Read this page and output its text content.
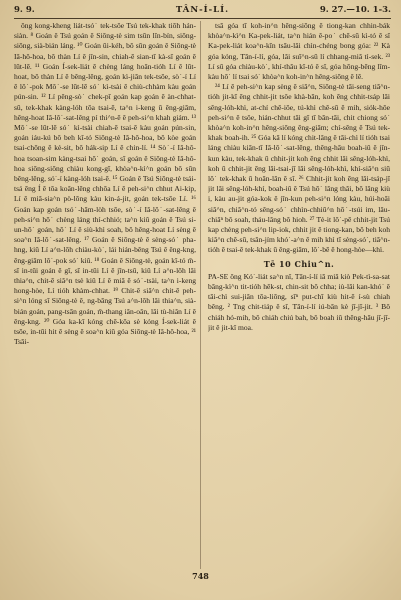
9. 9.	TÂN-Í-LÍ.	9. 27.—10. 1-3.

ông kong-kheng liát-tsó˙ tek-tsôe Tsú tek-khak tiōh hán-siàn. ⁸ Goán ê Tsú goán ê Siōng-tè sim tsūn lîn-bín, siōng-siōng, sià-bián láng. ¹⁰ Goán ūi-kéh, bô sūn goán ê Siōng-tè Iâ-hô-hoa, bô thàn Lí ê jîn-sin, chiah-ē sian-tī kà-sī goán ê lūt-lē. ¹¹ Goán Í-sek-liát ê chèng láng hoān-tióh Lí ê lūt-hoat, bô thàn Lí ê bêng-lêng, goán kì-jiān tek-tsōe, sò˙-í Lí ê lô˙-pok Mô˙-se lūt-lē só˙ kì-tsài ê chiù-chhàm kàu goán pún-sin. ¹² Lí pêng-sò˙ chek-pī goán kap goán ê àn-chhat-sū, tek-khak kàng-lóh tōa tsai-ē, ta^n i-keng ū êng-giām, hêng-hoat Iâ-lô˙-sat-lêng pí thi^n-ē ê peh-si^n khah giám. ¹³ Mô˙-se lūt-lē só˙ kì-tsài chiah-ē tsai-ē kàu goán pún-sin, goán iáu-kú bô beh kî-tó Siōng-tè Iâ-hô-hoa, bô kòe goán tsai-chōng ê kè-sit, bô hák-sip Lí ê chin-lí. ¹⁴ Sò˙-í Iâ-hô-hoa tsoan-sim kàng-tsai hō˙ goán, sī goán ê Siōng-tè Iâ-hô-hoa siōng-siōng chiàu kong-gī, khòa^n-kì^n goán bô sūn bêng-lêng, só˙-í kàng-lóh tsai-ē. ¹⁵ Goán ê Tsú Siōng-tè tsái-tsá ēng Í ê tōa koân-lêng chhōa Lí ê peh-si^n chhut Ai-kip, Lí ê miâ-sia^n pò-lōng kàu kin-á-jit, goán tek-tsōe Lí. ¹⁶ Goán kap goán tsó˙-hām-lòh tsōe, sò˙-í Iâ-lô˙-sat-lêng ê peh-si^n hō˙ chèng láng thí-chhió; ta^n kiû goán ê Tsú si-un-hō˙ goán, hō˙ Lí ê siù-khì soah, bô hêng-hoat Lí sèng ê soa^n Iâ-lô˙-sat-lêng. ¹⁷ Goán ê Siōng-tè ê sèng-só˙ pha-hng, kiû Lí a^n-lōh chiàu-kò˙, lái hián-bêng Tsú ê êng-kng, êng-giām lô˙-pok só˙ kiû. ¹⁸ Goán ê Siōng-tè, goán kî-tó m̄-sī in-tūi goán ê gī, sī in-tūi Lí ê jîn-tsū, kiû Lí a^n-lōh lâi thia^n, chit-ē siâ^n tsè kiû Lí ê miâ ê só˙-tsài, ta^n i-keng hong-hòe, Lí tióh khàm-chhat. ¹⁹ Chit-ē siâ^n chit-ē peh-si^n lóng sī Siōng-tè ê, ng-bāng Tsú a^n-lōh lâi thia^n, sià-bián goán, pang-tsān goán, m̄-thang iân-oân, lâi tù-hiân Lí ê êng-kng. ²⁰ Góa ka-kī kóng chē-kōa sè kóng Í-sek-liát ê tsōe, in-tūi hit ê sèng ê soa^n kiû góa Siōng-tè Iâ-hô-hoa, ²¹ Tsāi-

tsā góa tī koh-in^n hêng-siōng ê tiong-kan chhin-bák khòa^n-kì^n Ka-pek-liát, ta^n hián ê-po˙ chē-sū kì-tó ê sî Ka-pek-liát koa^n-kīn tsāu-lâi chìn-chéng bong góa: ²² Kà góa kóng, Tān-í-lí, góa, lâi suī^n-sū lí chhang-miâ tì-sek. ²³ Lí sū góa chiàu-kò˙, khí-thâu kî-tó ê sî, góa hōng-bēng lîm-kàu hō˙ lí tsai só˙ khòa^n koh-in^n hêng-siōng ê lê.

²⁴ Lí ê peh-si^n kap sèng ê siâ^n, Siōng-tè tāi-seng tiā^n-tióh jit-kī ēng chhit-jit tsôe khà-bān, koh ēng chhit-tsáp lâi sêng-lóh-khì, at-chí chê-iōe, tú-khì chê-sū ê mih, siók-hôe peh-si^n ê tsôe, hián-chhut tāi gī tī bān-tāi, chit chiong só˙ khòa^n koh-in^n hêng-siōng êng-giām; chí-sêng ê Tsú tek-khak boah-ih. ²⁵ Góa kā lí kóng chit-lâng ê tāi-chì lí tióh tsai láng chiàu kiān-tī Iâ-lô˙-sat-lêng, thêng-hāu boah-iû ê jîn-kun kàu, tek-khak ū chhit-jit koh ēng chhit lâi sêng-lóh-khì, koh ū chhit-jit ēng lâi-tsai-jī lâi sêng-lóh-khì, khí-siâ^n siū lô˙ tek-khak ū hoān-lân ê sî. ²⁶ Chhit-jit koh ēng lâi-tsáp-jī jit lâi sêng-lóh-khí, boah-iû ê Tsú hō˙ lâng thâi, bô lâng kiù i, kàu au-jit góa-kok ê jîn-kun peh-si^n lóng kàu, húi-hoāi siâ^n, chiâ^n-tó sêng-só˙ chhìn-chhiū^n hō˙-tsúi im, lâu-chiâⁿ bô soah, tháu-lâng bô hioh. ²⁷ Tè-it lô˙-pē chhit-jit Tsú kap chèng peh-si^n lip-iok, chhit jit ê tiong-kan, bô beh koh kiâ^n chê-sū, tsân-jím khó˙-a^n ê mih khì tī sèng-só˙, tiā^n-tióh ê tsai-ē tek-khak ū êng-giām, lô˙-bē ê hong-hòe—khì.

Tē 10 Chiu^n.

PA-SE ông Kó˙-liát sa^n nî, Tān-í-lí iā miâ kiò Pek-tì-sa-sat bāng-kì^n tit-tióh hêk-st, chin-sit bô chha; iù-lâi kan-khó˙ ê tāi-chì sui-jiân tōa-liōng, sīⁿ put-chī kiù hit-ē í-sù chiah bêng. ² Tng chit-tiáp ê sî, Tān-í-lí iú-bān kè jī-jī-jit. ³ Bô chiáh hó-mih, bô chiáh chiú bah, bô boah iû thêng-hāu jī-jī-jit ê jit-kî moa.

748
